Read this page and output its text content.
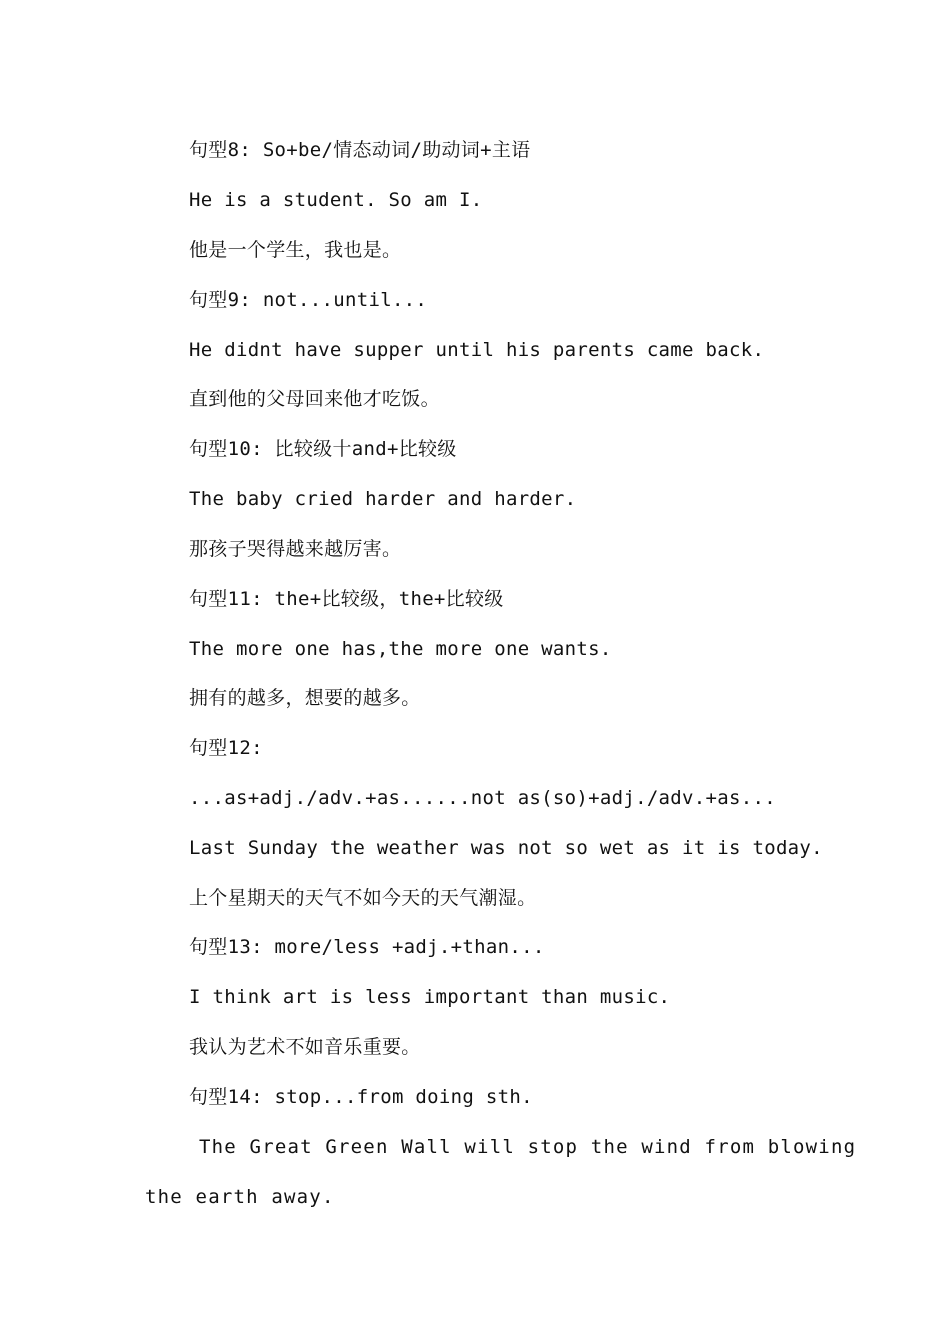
句型8: So+be/情态动词/助动词+主语
He is a student. So am I.
他是一个学生，我也是。
句型9: not...until...
He didnt have supper until his parents came back.
直到他的父母回来他才吃饭。
句型10: 比较级十and+比较级
The baby cried harder and harder.
那孩子哭得越来越厉害。
句型11: the+比较级，the+比较级
The more one has,the more one wants.
拥有的越多，想要的越多。
句型12:
...as+adj./adv.+as......not as(so)+adj./adv.+as...
Last Sunday the weather was not so wet as it is today.
上个星期天的天气不如今天的天气潮湿。
句型13: more/less +adj.+than...
I think art is less important than music.
我认为艺术不如音乐重要。
句型14: stop...from doing sth.
The Great Green Wall will stop the wind from blowing
the earth away.
